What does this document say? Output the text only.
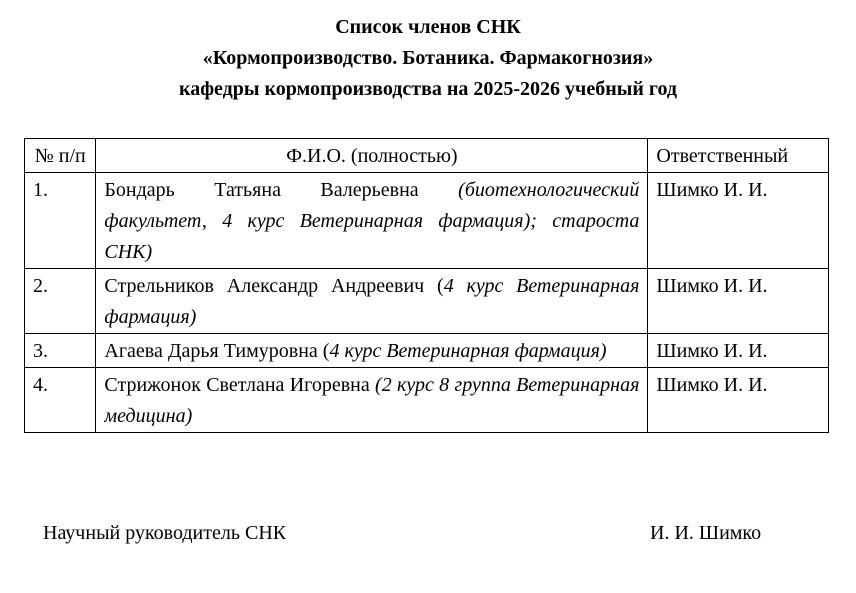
Список членов СНК
«Кормопроизводство. Ботаника. Фармакогнозия»
кафедры кормопроизводства на 2025-2026 учебный год
№ п/п	Ф.И.О. (полностью)	Ответственный
1.	Бондарь Татьяна Валерьевна (биотехнологический факультет, 4 курс Ветеринарная фармация); староста СНК)	Шимко И. И.
2.	Стрельников Александр Андреевич (4 курс Ветеринарная фармация)	Шимко И. И.
3.	Агаева Дарья Тимуровна (4 курс Ветеринарная фармация)	Шимко И. И.
4.	Стрижонок Светлана Игоревна (2 курс 8 группа Ветеринарная медицина)	Шимко И. И.
Научный руководитель СНК	И. И. Шимко
